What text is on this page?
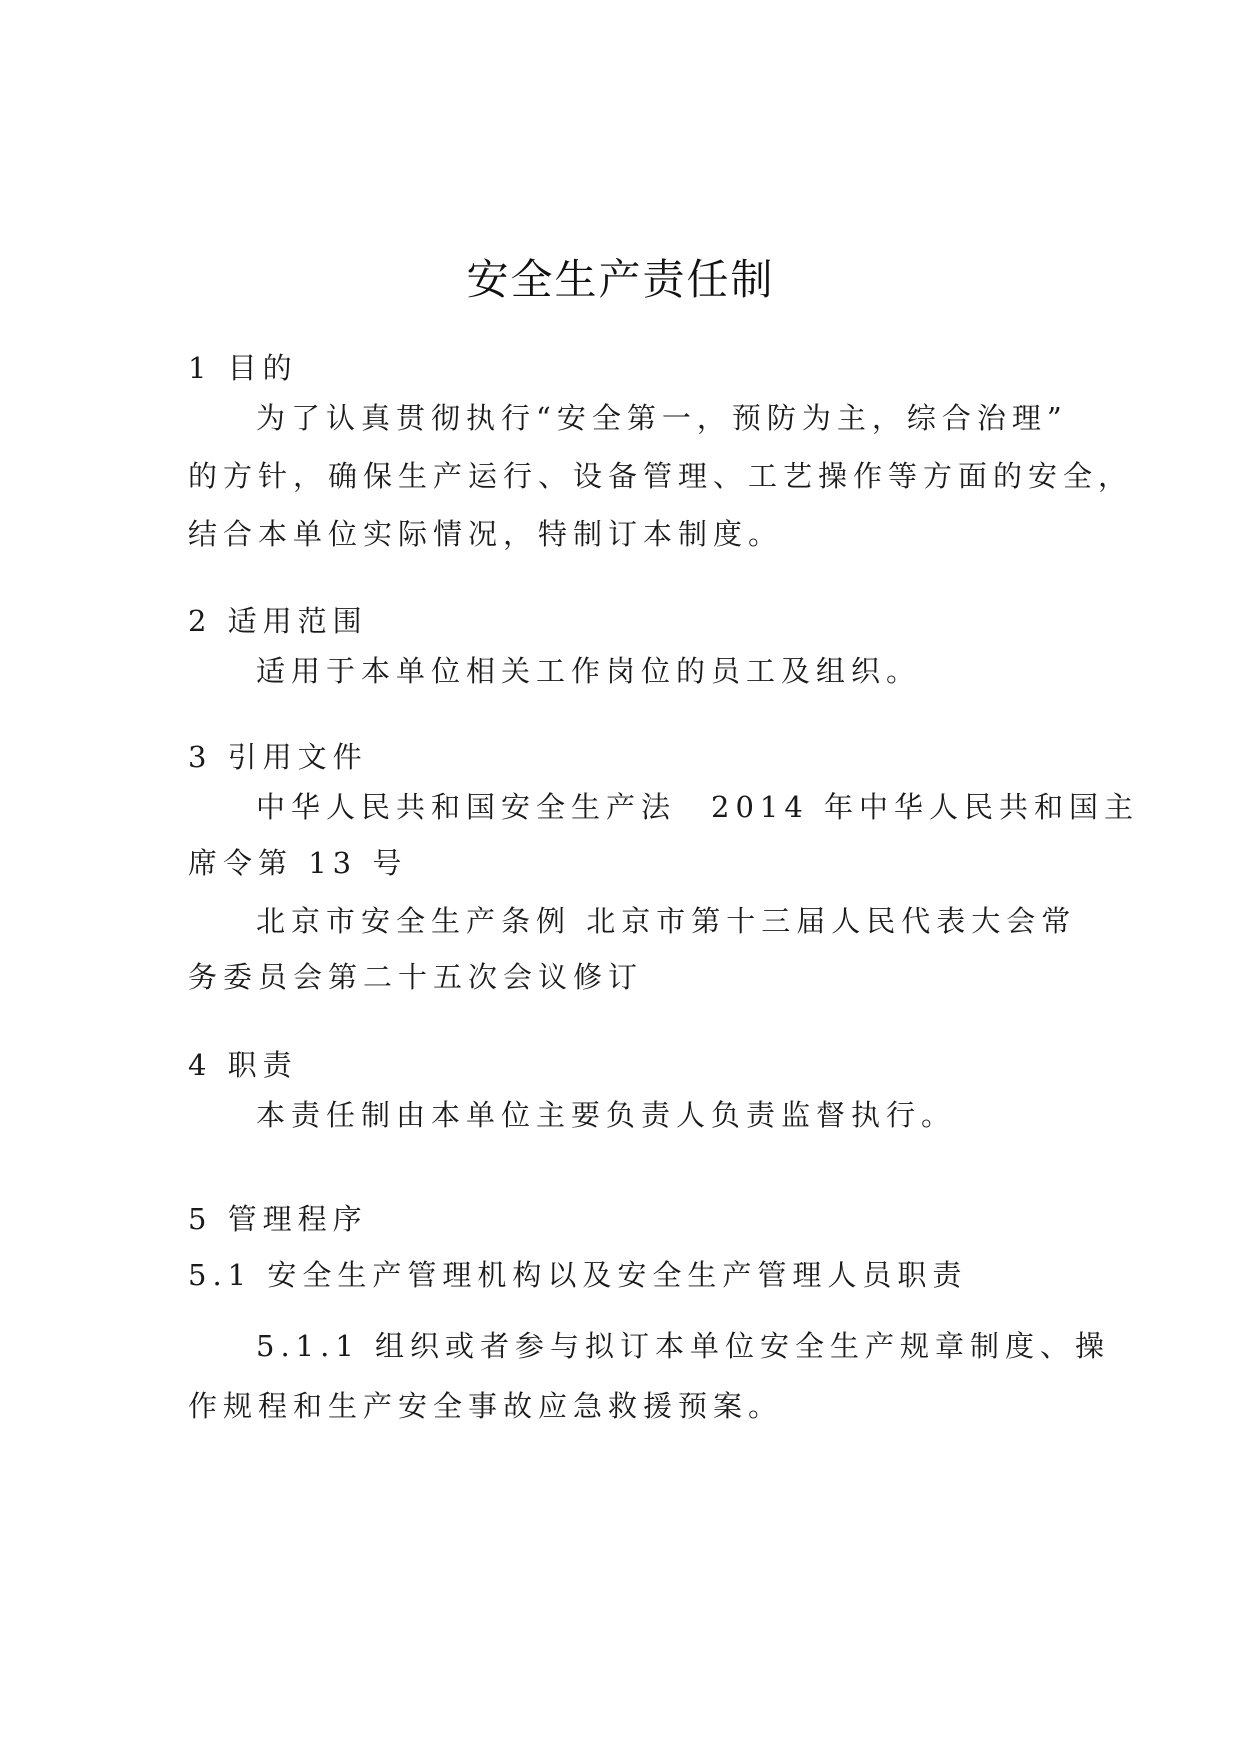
安全生产责任制

1 目的

为了认真贯彻执行“安全第一，预防为主，综合治理”

的方针，确保生产运行、设备管理、工艺操作等方面的安全，

结合本单位实际情况，特制订本制度。

2 适用范围

适用于本单位相关工作岗位的员工及组织。

3 引用文件

中华人民共和国安全生产法　2014 年中华人民共和国主

席令第 13 号

北京市安全生产条例 北京市第十三届人民代表大会常

务委员会第二十五次会议修订

4 职责

本责任制由本单位主要负责人负责监督执行。

5 管理程序

5.1 安全生产管理机构以及安全生产管理人员职责

5.1.1 组织或者参与拟订本单位安全生产规章制度、操

作规程和生产安全事故应急救援预案。
